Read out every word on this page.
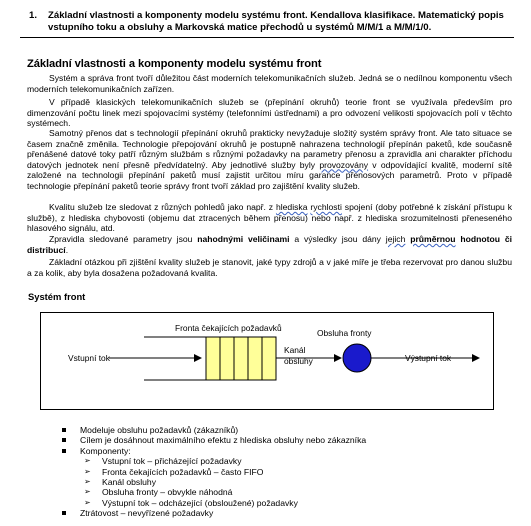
1. Základní vlastnosti a komponenty modelu systému front. Kendallova klasifikace. Matematický popis vstupního toku a obsluhy a Markovská matice přechodů u systémů M/M/1 a M/M/1/0.
Základní vlastnosti a komponenty modelu systému front
Systém a správa front tvoří důležitou část moderních telekomunikačních služeb. Jedná se o nedílnou komponentu všech moderních telekomunikačních zařízen.
V případě klasických telekomunikačních služeb se (přepínání okruhů) teorie front se využívala především pro dimenzování počtu linek mezi spojovacími systémy (telefonními ústřednami) a pro odvození velikosti spojovacích polí v těchto systémech.
Samotný přenos dat s technologií přepínání okruhů prakticky nevyžaduje složitý systém správy front. Ale tato situace se časem značně změnila. Technologie přepojování okruhů je postupně nahrazena technologií přepínán paketů, kde současně přenášené datové toky patří různým službám s různými požadavky na parametry přenosu a zpravidla ani charakter příchodu datových jednotek není přesně předvídatelný. Aby jednotlivé služby byly provozovány v odpovídající kvalitě, moderní sítě založené na technologii přepínání paketů musí zajistit určitou míru garance přenosových parametrů. Proto v případě technologie přepínání paketů teorie správy front tvoří základ pro zajištění kvality služeb.
Kvalitu služeb lze sledovat z různých pohledů jako např. z hlediska rychlosti spojení (doby potřebné k získání přístupu k službě), z hlediska chybovosti (objemu dat ztracených během přenosu) nebo např. z hlediska srozumitelnosti přeneseného hlasového signálu, atd.
Zpravidla sledované parametry jsou nahodnými veličinami a výsledky jsou dány jejich průměrnou hodnotou či distribucí.
Základní otázkou při zjištění kvality služeb je stanovit, jaké typy zdrojů a v jaké míře je třeba rezervovat pro danou službu a za kolik, aby byla dosažena požadovaná kvalita.
Systém front
Fronta čekajících požadavků
Vstupní tok
Kanál
obsluhy
Obsluha fronty
Výstupní tok
Modeluje obsluhu požadavků (zákazníků)
Cílem je dosáhnout maximálního efektu z hlediska obsluhy nebo zákazníka
Komponenty:
➢ Vstupní tok – přicházející požadavky
➢ Fronta čekajících požadavků – často FIFO
➢ Kanál obsluhy
➢ Obsluha fronty – obvykle náhodná
➢ Výstupní tok – odcházející (obsloužené) požadavky
Ztrátovost – nevyřízené požadavky
